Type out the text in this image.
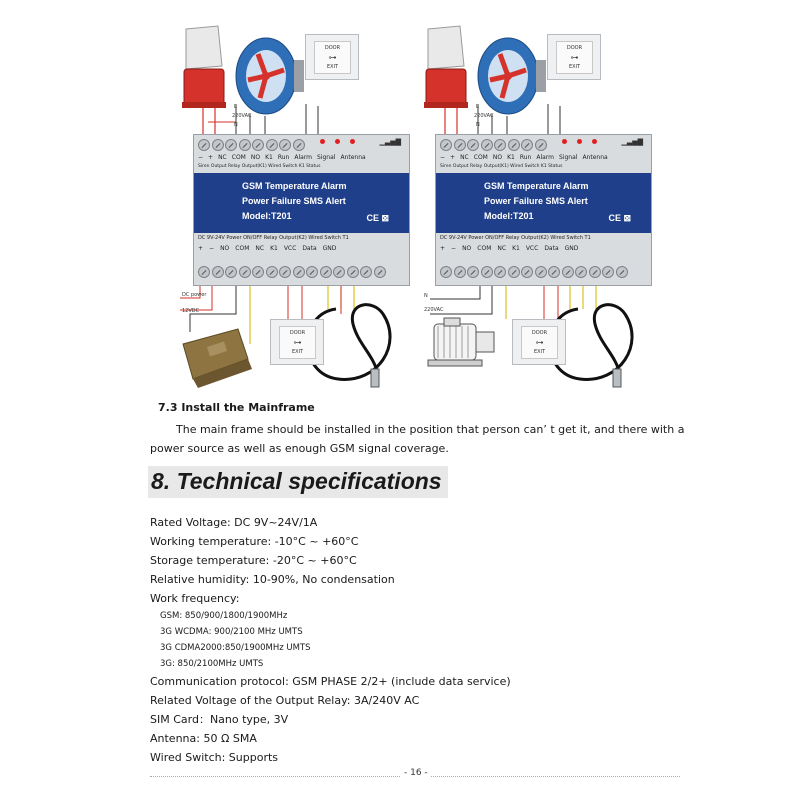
DOOR
⊶
EXIT
DOOR
⊶
EXIT
L
220VAC
N
DC power
12VDC
▁▃▅▇
− + NC COM NO K1 Run Alarm Signal Antenna
Siren Output Relay Output(K1) Wired Switch K1 Status
GSM Temperature Alarm
Power Failure SMS Alert
Model:T201	CE ⊠
DC 9V-24V Power ON/OFF Relay Output(K2) Wired Switch T1
+ − NO COM NC K1 VCC Data GND
DOOR
⊶
EXIT
DOOR
⊶
EXIT
L
220VAC
N
N
220VAC
▁▃▅▇
− + NC COM NO K1 Run Alarm Signal Antenna
Siren Output Relay Output(K1) Wired Switch K1 Status
GSM Temperature Alarm
Power Failure SMS Alert
Model:T201	CE ⊠
DC 9V-24V Power ON/OFF Relay Output(K2) Wired Switch T1
+ − NO COM NC K1 VCC Data GND
7.3 Install the Mainframe
The main frame should be installed in the position that person can’ t get it, and there with a power source as well as enough GSM signal coverage.
8. Technical specifications
Rated Voltage: DC 9V~24V/1A
Working temperature: -10°C ~ +60°C
Storage temperature: -20°C ~ +60°C
Relative humidity: 10-90%, No condensation
Work frequency:
GSM: 850/900/1800/1900MHz
3G WCDMA: 900/2100 MHz UMTS
3G CDMA2000:850/1900MHz UMTS
3G: 850/2100MHz UMTS
Communication protocol: GSM PHASE 2/2+ (include data service)
Related Voltage of the Output Relay: 3A/240V AC
SIM Card：Nano type, 3V
Antenna: 50 Ω SMA
Wired Switch: Supports
- 16 -
